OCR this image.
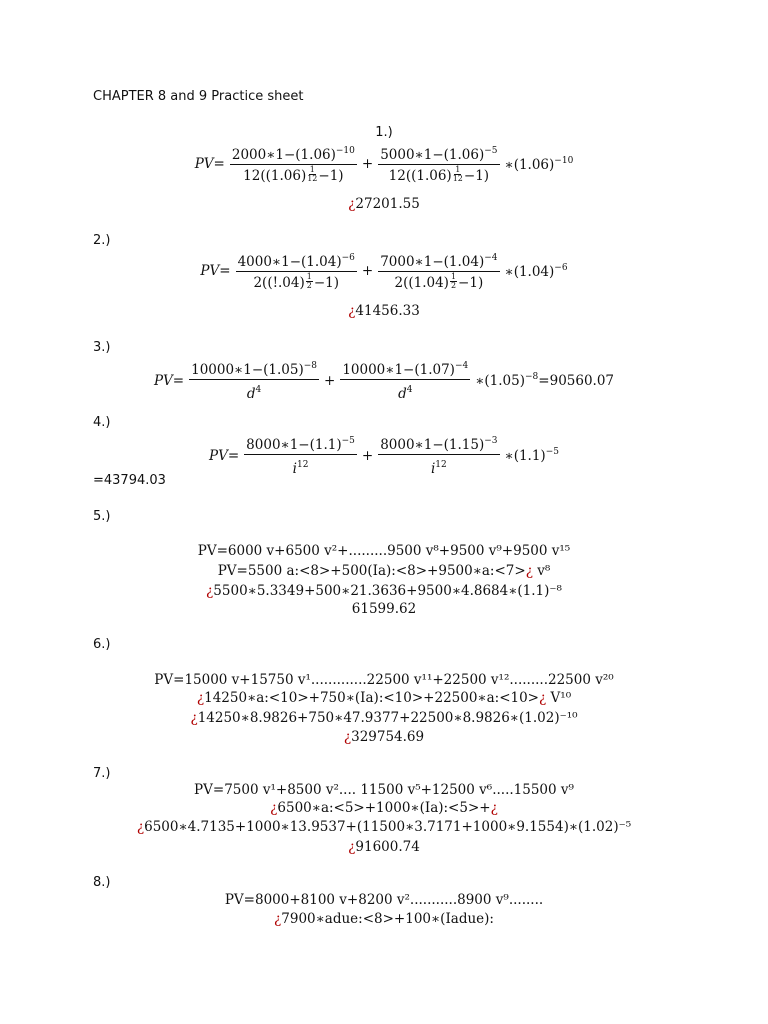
CHAPTER 8 and 9 Practice sheet
1.)
$PV= \frac{2000∗1-(1.06)^{-10}}{12((1.06) \frac{1}{12} -1)} + \frac{5000∗1-(1.06)^{-5}}{12((1.06) \frac{1}{12} -1)}$ $∗(1.06)^{-10}$
¿27201.55
2.)
$PV= \frac{4000∗1-(1.04)^{-6}}{2((!.04) \frac{1}{2} -1)} + \frac{7000∗1-(1.04)^{-4}}{2((1.04) \frac{1}{2} -1)}$ $∗(1.04)^{-6}$
¿41456.33
3.)
$PV= \frac{10000∗1-(1.05)^{-8}}{d^4} + \frac{10000∗1-(1.07)^{-4}}{d^4}$ $∗(1.05)^{-8}=90560.07$
4.)
$PV= \frac{8000∗1-(1.1)^{-5}}{i^{12}} + \frac{8000∗1-(1.15)^{-3}}{i^{12}}$ $∗(1.1)^{-5}$
=43794.03
5.)
PV=6000 v+6500 v²+.........9500 v⁸+9500 v⁹+9500 v¹⁵
PV=5500 a:<8>+500(Ia):<8>+9500∗a:<7>¿ v⁸
¿5500∗5.3349+500∗21.3636+9500∗4.8684∗(1.1)⁻⁸
61599.62
6.)
PV=15000 v+15750 v¹.............22500 v¹¹+22500 v¹².........22500 v²⁰
¿14250∗a:<10>+750∗(Ia):<10>+22500∗a:<10>¿ V¹⁰
¿14250∗8.9826+750∗47.9377+22500∗8.9826∗(1.02)⁻¹⁰
¿329754.69
7.)
PV=7500 v¹+8500 v².... 11500 v⁵+12500 v⁶.....15500 v⁹
¿6500∗a:<5>+1000∗(Ia):<5>+¿
¿6500∗4.7135+1000∗13.9537+(11500∗3.7171+1000∗9.1554)∗(1.02)⁻⁵
¿91600.74
8.)
PV=8000+8100 v+8200 v²...........8900 v⁹........
¿7900∗adue:<8>+100∗(Iadue):
